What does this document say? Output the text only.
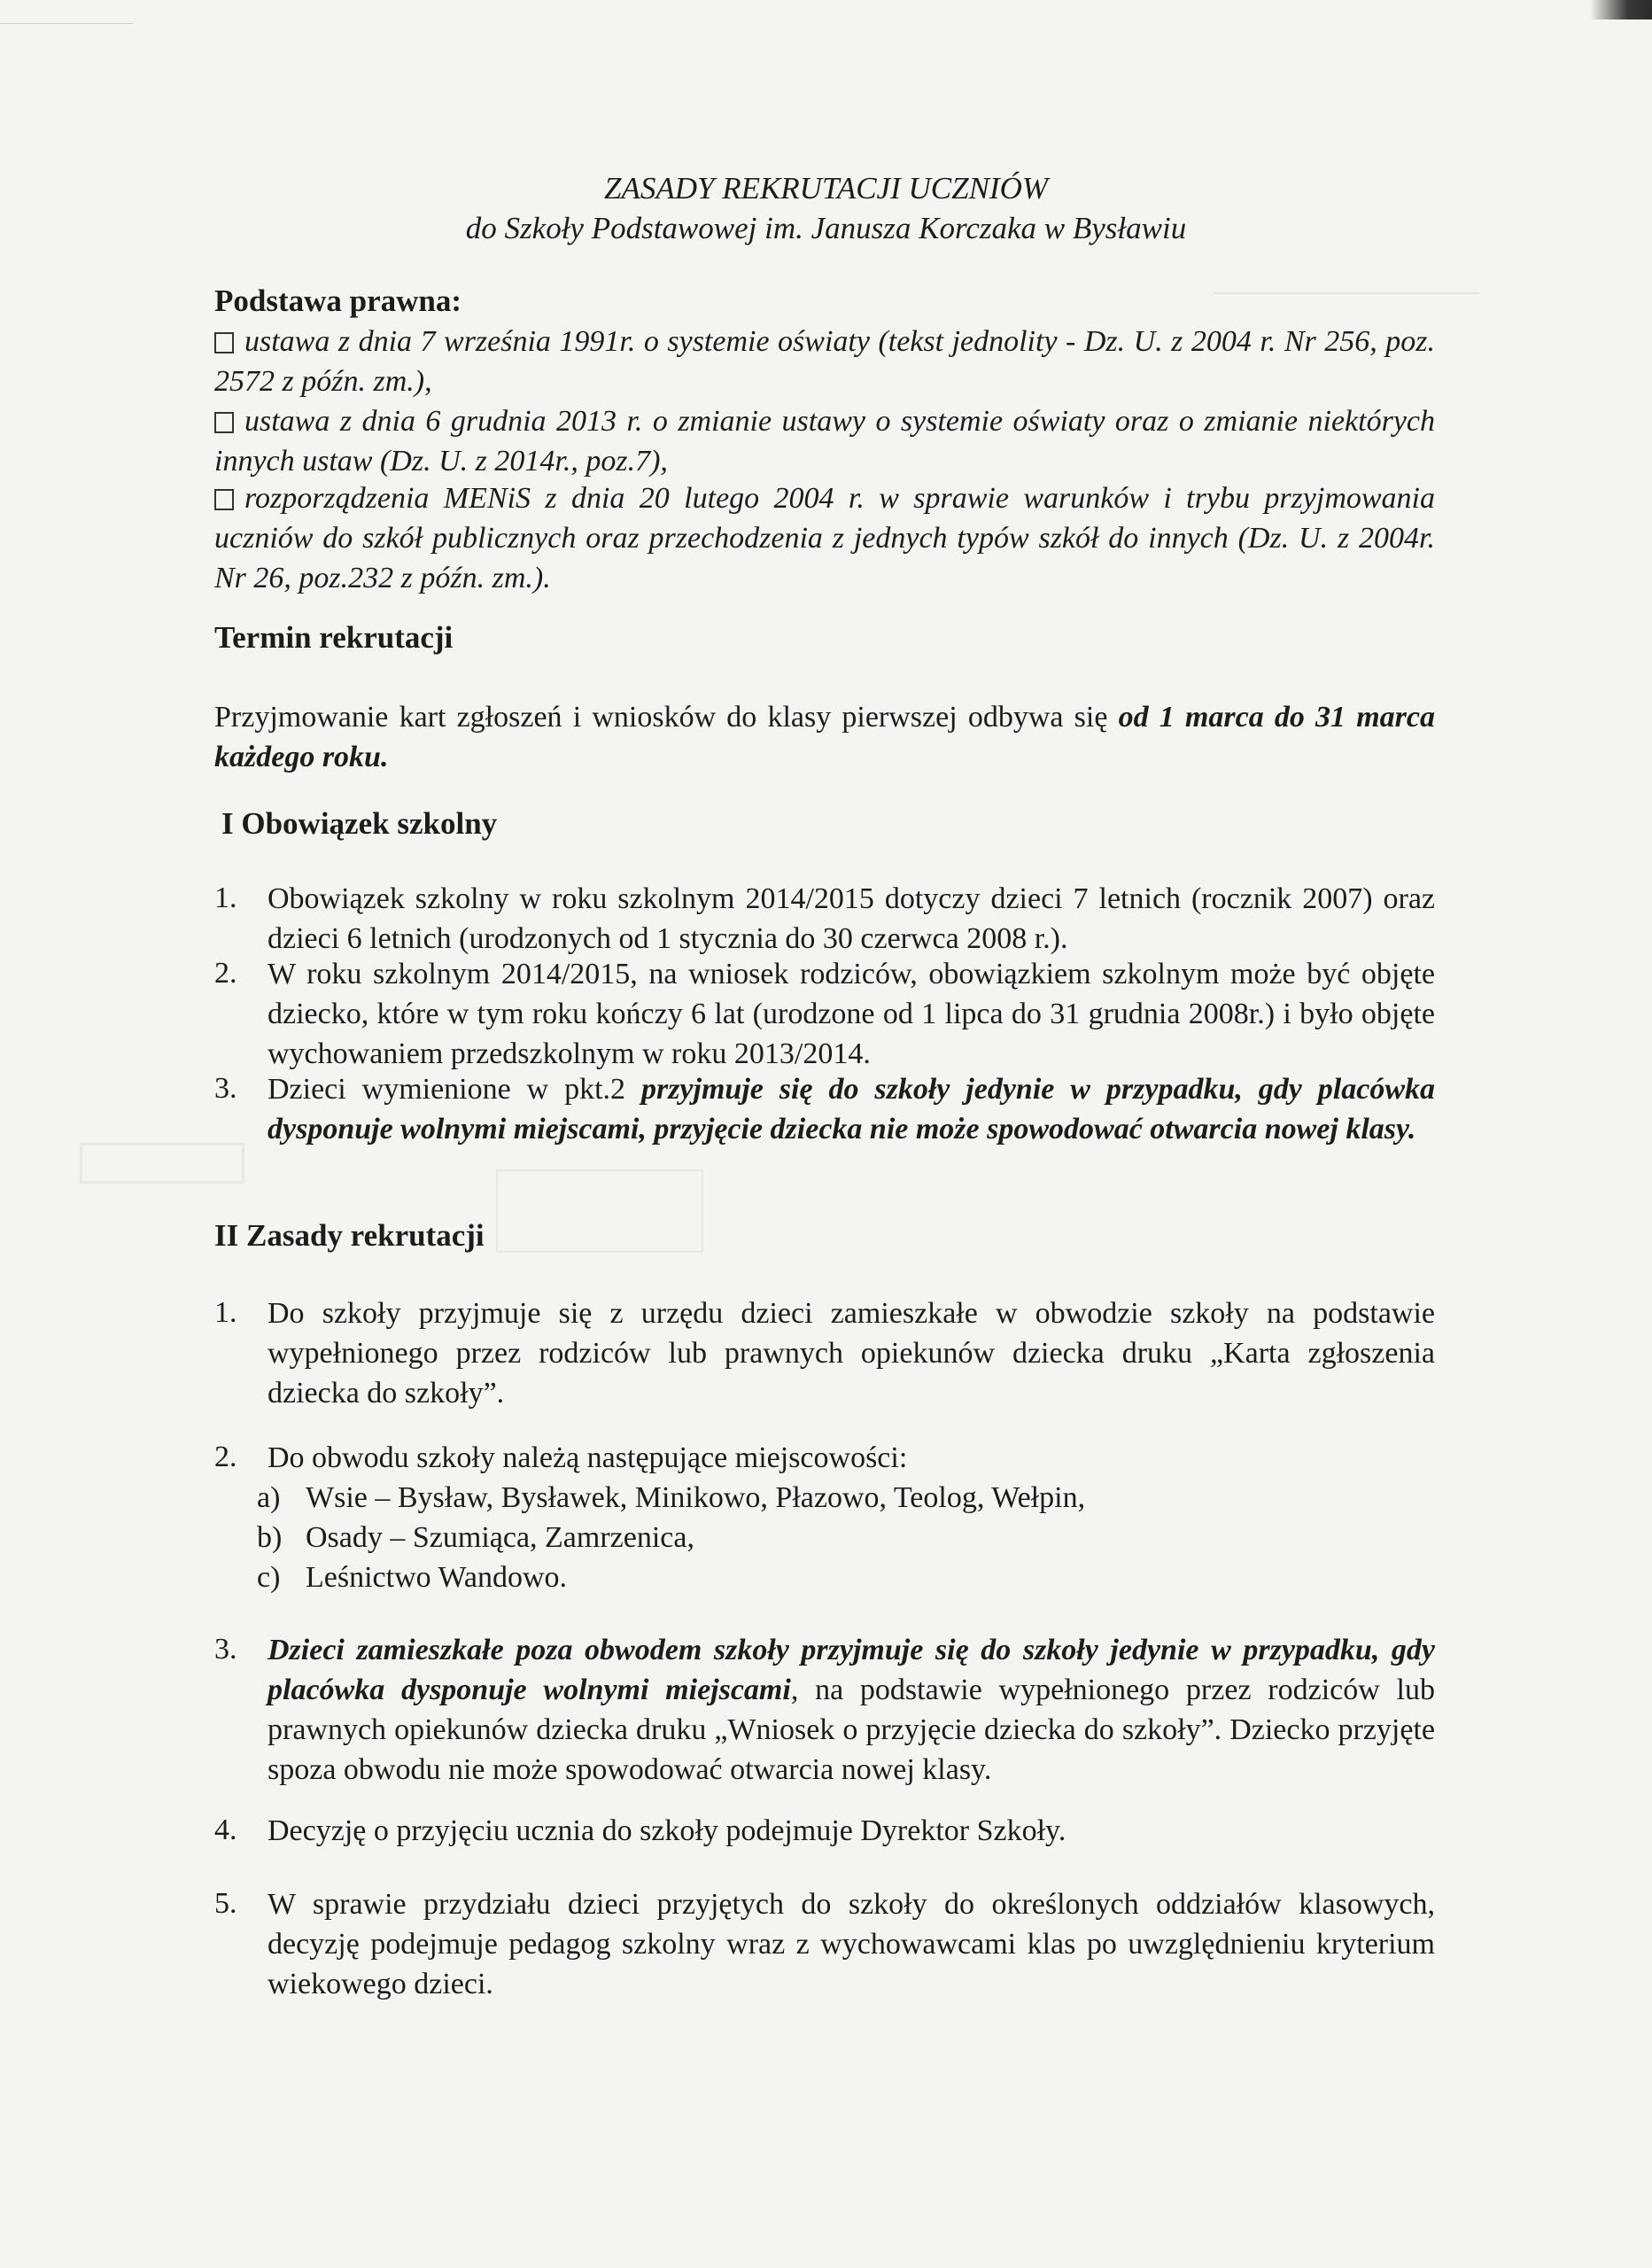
ZASADY REKRUTACJI UCZNIÓW
do Szkoły Podstawowej im. Janusza Korczaka w Bysławiu
Podstawa prawna:
ustawa z dnia 7 września 1991r. o systemie oświaty (tekst jednolity - Dz. U. z 2004 r. Nr 256, poz. 2572 z późn. zm.),
ustawa z dnia 6 grudnia 2013 r. o zmianie ustawy o systemie oświaty oraz o zmianie niektórych innych ustaw (Dz. U. z 2014r., poz.7),
rozporządzenia MENiS z dnia 20 lutego 2004 r. w sprawie warunków i trybu przyjmowania uczniów do szkół publicznych oraz przechodzenia z jednych typów szkół do innych (Dz. U. z 2004r. Nr 26, poz.232 z późn. zm.).
Termin rekrutacji
Przyjmowanie kart zgłoszeń i wniosków do klasy pierwszej odbywa się od 1 marca do 31 marca każdego roku.
I Obowiązek szkolny
1. Obowiązek szkolny w roku szkolnym 2014/2015 dotyczy dzieci 7 letnich (rocznik 2007) oraz dzieci 6 letnich (urodzonych od 1 stycznia do 30 czerwca 2008 r.).
2. W roku szkolnym 2014/2015, na wniosek rodziców, obowiązkiem szkolnym może być objęte dziecko, które w tym roku kończy 6 lat (urodzone od 1 lipca do 31 grudnia 2008r.) i było objęte wychowaniem przedszkolnym w roku 2013/2014.
3. Dzieci wymienione w pkt.2 przyjmuje się do szkoły jedynie w przypadku, gdy placówka dysponuje wolnymi miejscami, przyjęcie dziecka nie może spowodować otwarcia nowej klasy.
II Zasady rekrutacji
1. Do szkoły przyjmuje się z urzędu dzieci zamieszkałe w obwodzie szkoły na podstawie wypełnionego przez rodziców lub prawnych opiekunów dziecka druku „Karta zgłoszenia dziecka do szkoły”.
2. Do obwodu szkoły należą następujące miejscowości:
a) Wsie – Bysław, Bysławek, Minikowo, Płazowo, Teolog, Wełpin,
b) Osady – Szumiąca, Zamrzenica,
c) Leśnictwo Wandowo.
3. Dzieci zamieszkałe poza obwodem szkoły przyjmuje się do szkoły jedynie w przypadku, gdy placówka dysponuje wolnymi miejscami, na podstawie wypełnionego przez rodziców lub prawnych opiekunów dziecka druku „Wniosek o przyjęcie dziecka do szkoły”. Dziecko przyjęte spoza obwodu nie może spowodować otwarcia nowej klasy.
4. Decyzję o przyjęciu ucznia do szkoły podejmuje Dyrektor Szkoły.
5. W sprawie przydziału dzieci przyjętych do szkoły do określonych oddziałów klasowych, decyzję podejmuje pedagog szkolny wraz z wychowawcami klas po uwzględnieniu kryterium wiekowego dzieci.
